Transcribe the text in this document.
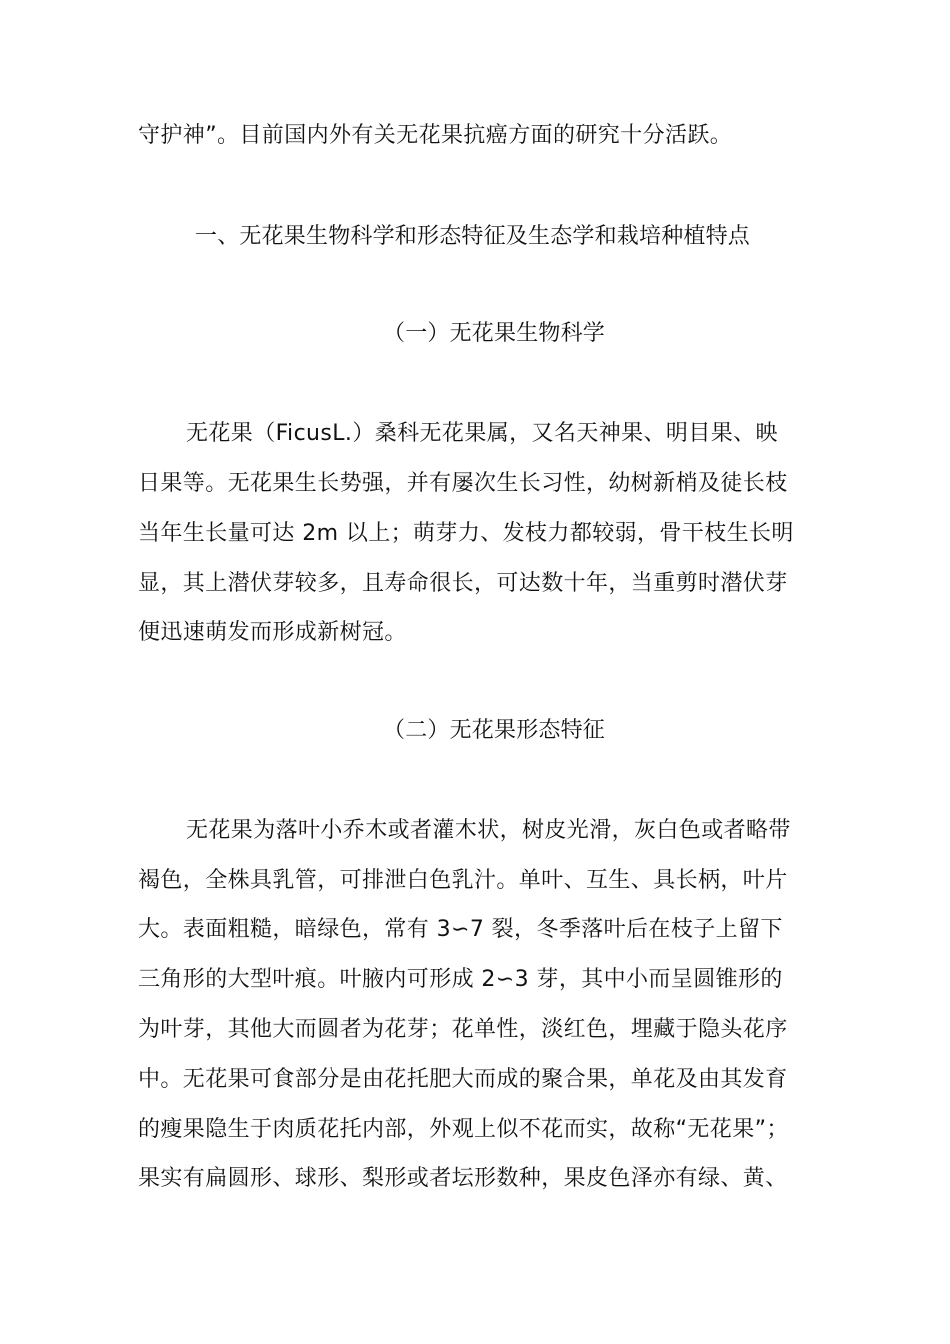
守护神”。目前国内外有关无花果抗癌方面的研究十分活跃。
一、无花果生物科学和形态特征及生态学和栽培种植特点
（一）无花果生物科学
无花果（FicusL.）桑科无花果属，又名天神果、明目果、映
日果等。无花果生长势强，并有屡次生长习性，幼树新梢及徒长枝
当年生长量可达 2m 以上；萌芽力、发枝力都较弱，骨干枝生长明
显，其上潜伏芽较多，且寿命很长，可达数十年，当重剪时潜伏芽
便迅速萌发而形成新树冠。
（二）无花果形态特征
无花果为落叶小乔木或者灌木状，树皮光滑，灰白色或者略带
褐色，全株具乳管，可排泄白色乳汁。单叶、互生、具长柄，叶片
大。表面粗糙，暗绿色，常有 3∽7 裂，冬季落叶后在枝子上留下
三角形的大型叶痕。叶腋内可形成 2∽3 芽，其中小而呈圆锥形的
为叶芽，其他大而圆者为花芽；花单性，淡红色，埋藏于隐头花序
中。无花果可食部分是由花托肥大而成的聚合果，单花及由其发育
的瘦果隐生于肉质花托内部，外观上似不花而实，故称“无花果”；
果实有扁圆形、球形、梨形或者坛形数种，果皮色泽亦有绿、黄、
